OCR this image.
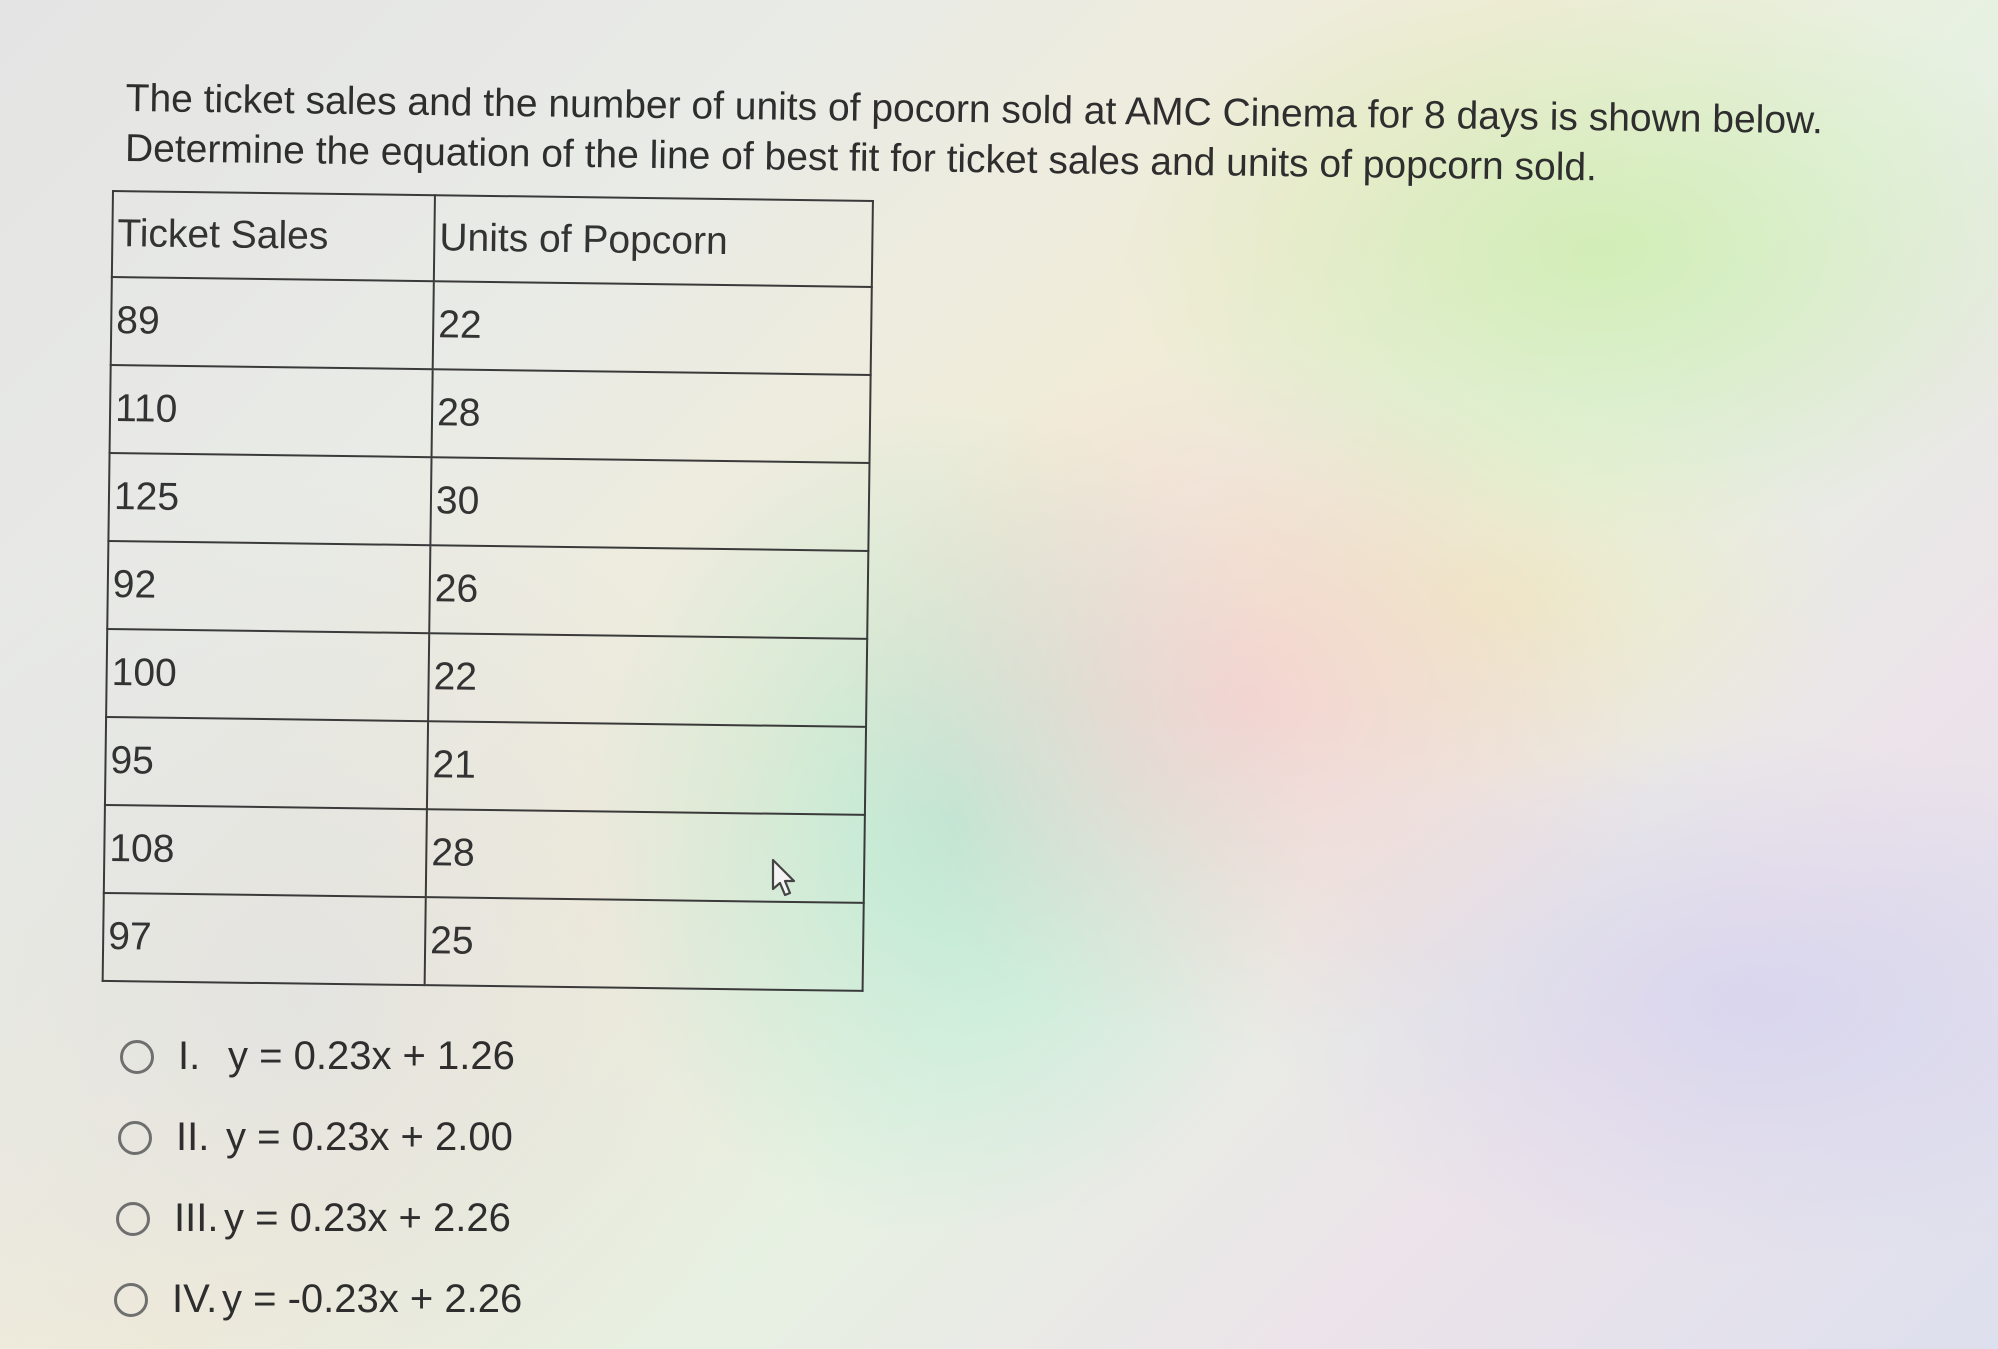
The ticket sales and the number of units of pocorn sold at AMC Cinema for 8 days is shown below.
Determine the equation of the line of best fit for ticket sales and units of popcorn sold.
Ticket Sales	Units of Popcorn
89	22
110	28
125	30
92	26
100	22
95	21
108	28
97	25
I. y = 0.23x + 1.26
II. y = 0.23x + 2.00
III. y = 0.23x + 2.26
IV. y = -0.23x + 2.26
